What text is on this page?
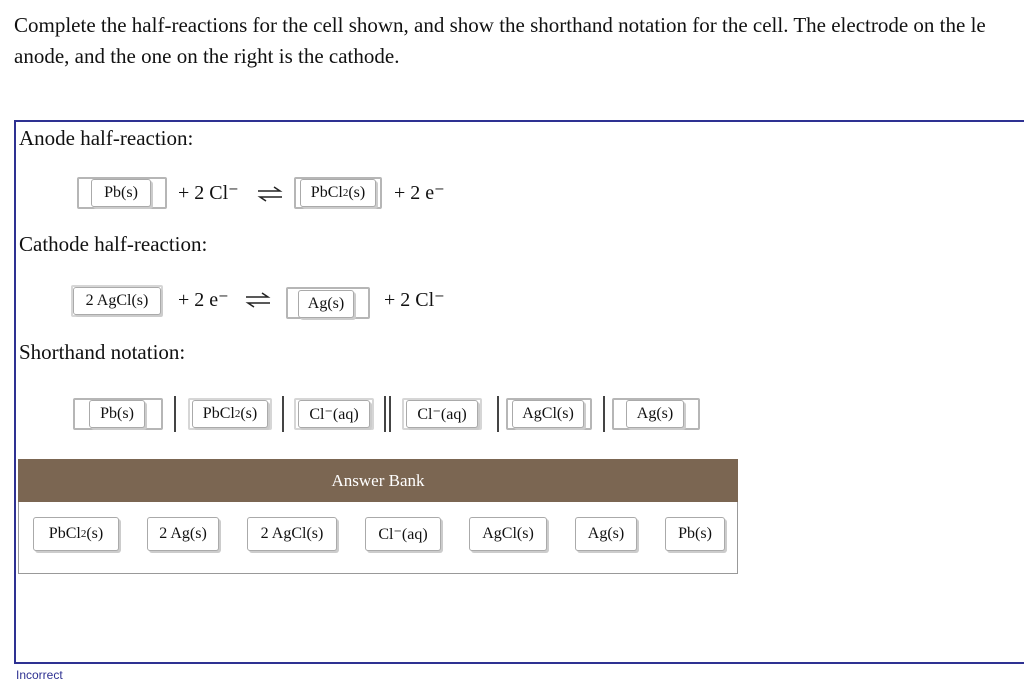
Complete the half-reactions for the cell shown, and show the shorthand notation for the cell. The electrode on the le
anode, and the one on the right is the cathode.
Anode half-reaction:
Pb(s)	+ 2 Cl⁻ ⇌ PbCl 2 (s) + 2 e⁻
Cathode half-reaction:
2 AgCl(s)	+ 2 e⁻ ⇌	Ag(s)	+ 2 Cl⁻
Shorthand notation:
Pb(s)	PbCl 2 (s)	Cl⁻(aq)	Cl⁻(aq)	AgCl(s)	Ag(s)
Answer Bank
PbCl 2 (s)	2 Ag(s)	2 AgCl(s)	Cl⁻(aq)	AgCl(s)	Ag(s)	Pb(s)
Incorrect
